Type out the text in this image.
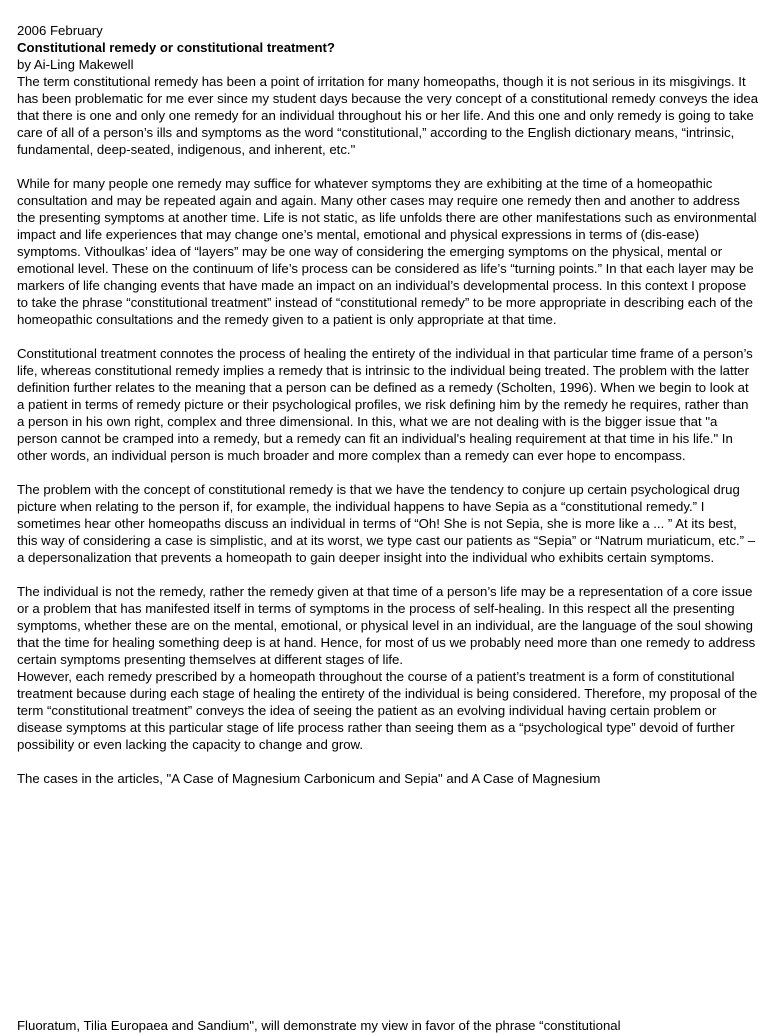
2006 February
Constitutional remedy or constitutional treatment?
by Ai-Ling Makewell

The term constitutional remedy has been a point of irritation for many homeopaths, though it is not serious in its misgivings. It has been problematic for me ever since my student days because the very concept of a constitutional remedy conveys the idea that there is one and only one remedy for an individual throughout his or her life. And this one and only remedy is going to take care of all of a person’s ills and symptoms as the word “constitutional,” according to the English dictionary means, “intrinsic, fundamental, deep-seated, indigenous, and inherent, etc."

While for many people one remedy may suffice for whatever symptoms they are exhibiting at the time of a homeopathic consultation and may be repeated again and again. Many other cases may require one remedy then and another to address the presenting symptoms at another time. Life is not static, as life unfolds there are other manifestations such as environmental impact and life experiences that may change one’s mental, emotional and physical expressions in terms of (dis-ease) symptoms. Vithoulkas’ idea of “layers” may be one way of considering the emerging symptoms on the physical, mental or emotional level. These on the continuum of life’s process can be considered as life’s “turning points.” In that each layer may be markers of life changing events that have made an impact on an individual’s developmental process. In this context I propose to take the phrase “constitutional treatment” instead of “constitutional remedy” to be more appropriate in describing each of the homeopathic consultations and the remedy given to a patient is only appropriate at that time.

Constitutional treatment connotes the process of healing the entirety of the individual in that particular time frame of a person’s life, whereas constitutional remedy implies a remedy that is intrinsic to the individual being treated. The problem with the latter definition further relates to the meaning that a person can be defined as a remedy (Scholten, 1996). When we begin to look at a patient in terms of remedy picture or their psychological profiles, we risk defining him by the remedy he requires, rather than a person in his own right, complex and three dimensional. In this, what we are not dealing with is the bigger issue that "a person cannot be cramped into a remedy, but a remedy can fit an individual's healing requirement at that time in his life." In other words, an individual person is much broader and more complex than a remedy can ever hope to encompass.

The problem with the concept of constitutional remedy is that we have the tendency to conjure up certain psychological drug picture when relating to the person if, for example, the individual happens to have Sepia as a “constitutional remedy.” I sometimes hear other homeopaths discuss an individual in terms of “Oh! She is not Sepia, she is more like a ... ” At its best, this way of considering a case is simplistic, and at its worst, we type cast our patients as “Sepia” or “Natrum muriaticum, etc.” – a depersonalization that prevents a homeopath to gain deeper insight into the individual who exhibits certain symptoms.

The individual is not the remedy, rather the remedy given at that time of a person’s life may be a representation of a core issue or a problem that has manifested itself in terms of symptoms in the process of self-healing. In this respect all the presenting symptoms, whether these are on the mental, emotional, or physical level in an individual, are the language of the soul showing that the time for healing something deep is at hand. Hence, for most of us we probably need more than one remedy to address certain symptoms presenting themselves at different stages of life.

However, each remedy prescribed by a homeopath throughout the course of a patient’s treatment is a form of constitutional treatment because during each stage of healing the entirety of the individual is being considered. Therefore, my proposal of the term “constitutional treatment” conveys the idea of seeing the patient as an evolving individual having certain problem or disease symptoms at this particular stage of life process rather than seeing them as a “psychological type” devoid of further possibility or even lacking the capacity to change and grow.

The cases in the articles, "A Case of Magnesium Carbonicum and Sepia" and A Case of Magnesium

Fluoratum, Tilia Europaea and Sandium", will demonstrate my view in favor of the phrase “constitutional
